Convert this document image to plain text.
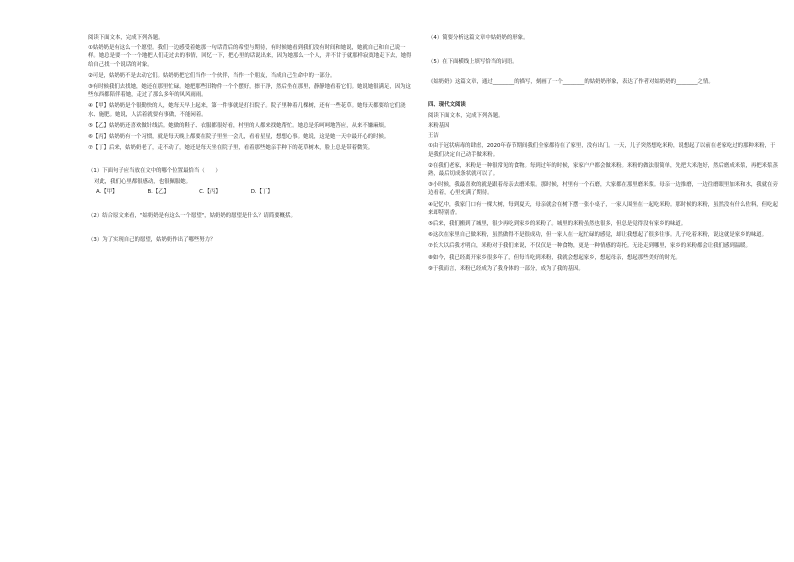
阅读下面文本，完成下列各题。

①姑奶奶是有这么一个愿望。我们一边感受着她那一句话背后的希望与期待，有时候她看到我们没有时间和她说，她就自己和自己说一样。她总是要一个一个地把人们走过去的事情，回忆一下，把心里的话说出来，因为她那么一个人，并不甘于就那样寂寞地走下去，她得给自己找一个说话的对象。

②可是，姑奶奶不是去动它们。姑奶奶把它们当作一个伙伴，当作一个朋友，当成自己生命中的一部分。

③有时候我们去找她，她还在那里忙碌。她把那些旧物件一个个摆好，擦干净，然后坐在那里，静静地看着它们。她说她很满足，因为这些东西都陪伴着她，走过了那么多年的风风雨雨。

④【甲】姑奶奶是个很勤快的人，她每天早上起来，第一件事就是打扫院子。院子里种着几棵树，还有一些花草。她每天都要给它们浇水、施肥。她说，人活着就要有事做，不能闲着。

⑤【乙】姑奶奶还喜欢做针线活。她做的鞋子、衣服都很好看，村里的人都来找她帮忙。她总是乐呵呵地答应，从来不嫌麻烦。

⑥【丙】姑奶奶有一个习惯，就是每天晚上都要在院子里坐一会儿，看看星星，想想心事。她说，这是她一天中最开心的时候。

⑦【丁】后来，姑奶奶老了，走不动了，她还是每天坐在院子里，看着那些她亲手种下的花草树木，脸上总是带着微笑。

（1）下面句子应当放在文中的哪个位置最恰当（　　）

对此，我们心里都很感动，也很佩服她。

A.【甲】	B.【乙】	C.【丙】	D.【丁】

（2）结合原文来看，"姑奶奶是有这么一个愿望"，姑奶奶的愿望是什么？请简要概括。

（3）为了实现自己的愿望，姑奶奶作出了哪些努力？

（4）简要分析这篇文章中姑奶奶的形象。

（5）在下面横线上填写恰当的词语。

《姑奶奶》这篇文章，通过________的描写，刻画了一个________的姑奶奶形象，表达了作者对姑奶奶的________之情。

四、现代文阅读

阅读下面文本，完成下列各题。

米粉基因

王洁

①由于冠状病毒的肆虐，2020年春节期间我们全家都待在了家里，没有出门。一天，儿子突然想吃米粉，说想起了以前在老家吃过的那种米粉，于是我们决定自己动手做米粉。

②在我们老家，米粉是一种很常见的食物。每到过年的时候，家家户户都会做米粉。米粉的做法很简单，先把大米泡好，然后磨成米浆，再把米浆蒸熟，最后切成条状就可以了。

③小时候，我最喜欢的就是跟着母亲去磨米浆。那时候，村里有一个石磨，大家都在那里磨米浆。母亲一边推磨，一边往磨眼里加米和水，我就在旁边看着，心里充满了期待。

④记忆中，我家门口有一棵大树，每到夏天，母亲就会在树下摆一张小桌子，一家人围坐在一起吃米粉。那时候的米粉，虽然没有什么佐料，但吃起来却特别香。

⑤后来，我们搬到了城里，很少再吃到家乡的米粉了。城里的米粉虽然也很多，但总是觉得没有家乡的味道。

⑥这次在家里自己做米粉，虽然做得不是很成功，但一家人在一起忙碌的感觉，却让我想起了很多往事。儿子吃着米粉，说这就是家乡的味道。

⑦长大以后我才明白，米粉对于我们来说，不仅仅是一种食物，更是一种情感的寄托。无论走到哪里，家乡的米粉都会让我们感到温暖。

⑧如今，我已经离开家乡很多年了，但每当吃到米粉，我就会想起家乡，想起母亲，想起那些美好的时光。

⑨于我而言，米粉已经成为了我身体的一部分，成为了我的基因。
